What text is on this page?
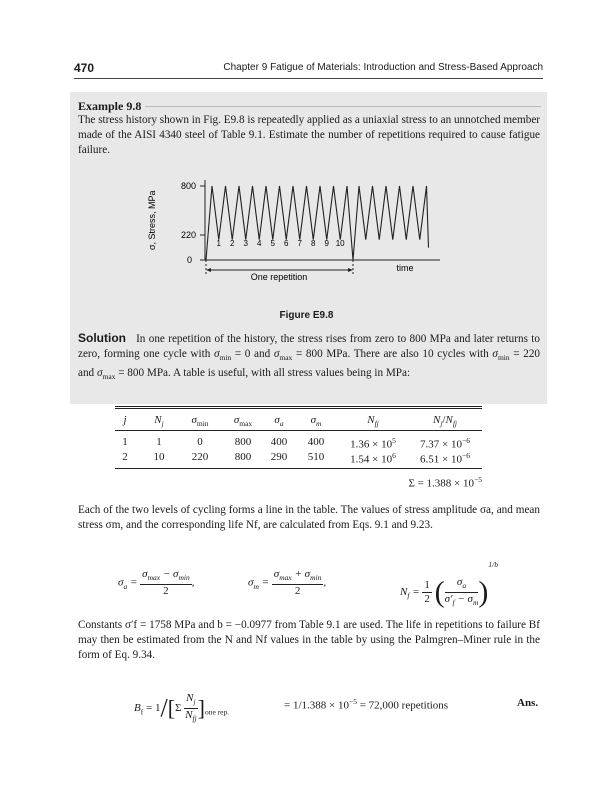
470	Chapter 9 Fatigue of Materials: Introduction and Stress-Based Approach
Example 9.8
The stress history shown in Fig. E9.8 is repeatedly applied as a uniaxial stress to an unnotched member made of the AISI 4340 steel of Table 9.1. Estimate the number of repetitions required to cause fatigue failure.
800
220
0
σ, Stress, MPa	1 2 3 4 5 6 7 8 9 10
One repetition
time
Figure E9.8
Solution In one repetition of the history, the stress rises from zero to 800 MPa and later returns to zero, forming one cycle with $\sigma_{min} = 0$ and $\sigma_{max} = 800$ MPa. There are also 10 cycles with $\sigma_{min} = 220$ and $\sigma_{max} = 800$ MPa. A table is useful, with all stress values being in MPa:
j	$N_j$	$\sigma_{min}$	$\sigma_{max}$	$\sigma_a$	$\sigma_m$	$N_{fj}$	$N_j/N_{fj}$
1	1	0	800	400	400	$1.36 \times 10^5$	$7.37 \times 10^{-6}$
2	10	220	800	290	510	$1.54 \times 10^6$	$6.51 \times 10^{-6}$
$\Sigma = 1.388 \times 10^{-5}$
Each of the two levels of cycling forms a line in the table. The values of stress amplitude σa, and mean stress σm, and the corresponding life Nf, are calculated from Eqs. 9.1 and 9.23.
$\sigma_a = \frac{\sigma_{max} - \sigma_{min}}{2}$ ,	$\sigma_m = \frac{\sigma_{max} + \sigma_{min}}{2}$ ,
$N_f = \frac{1}{2}$ ( $\frac{\sigma_a}{\sigma'_f - \sigma_m} )^{1/b}$
Constants σ′f = 1758 MPa and b = −0.0977 from Table 9.1 are used. The life in repetitions to failure Bf may then be estimated from the N and Nf values in the table by using the Palmgren–Miner rule in the form of Eq. 9.34.
$B_f = 1/[\Sigma \frac{N_j}{N_{fj}} ]_{one rep.}$
= $1/1.388 \times 10^{-5} = 72,000$ repetitions	Ans.
